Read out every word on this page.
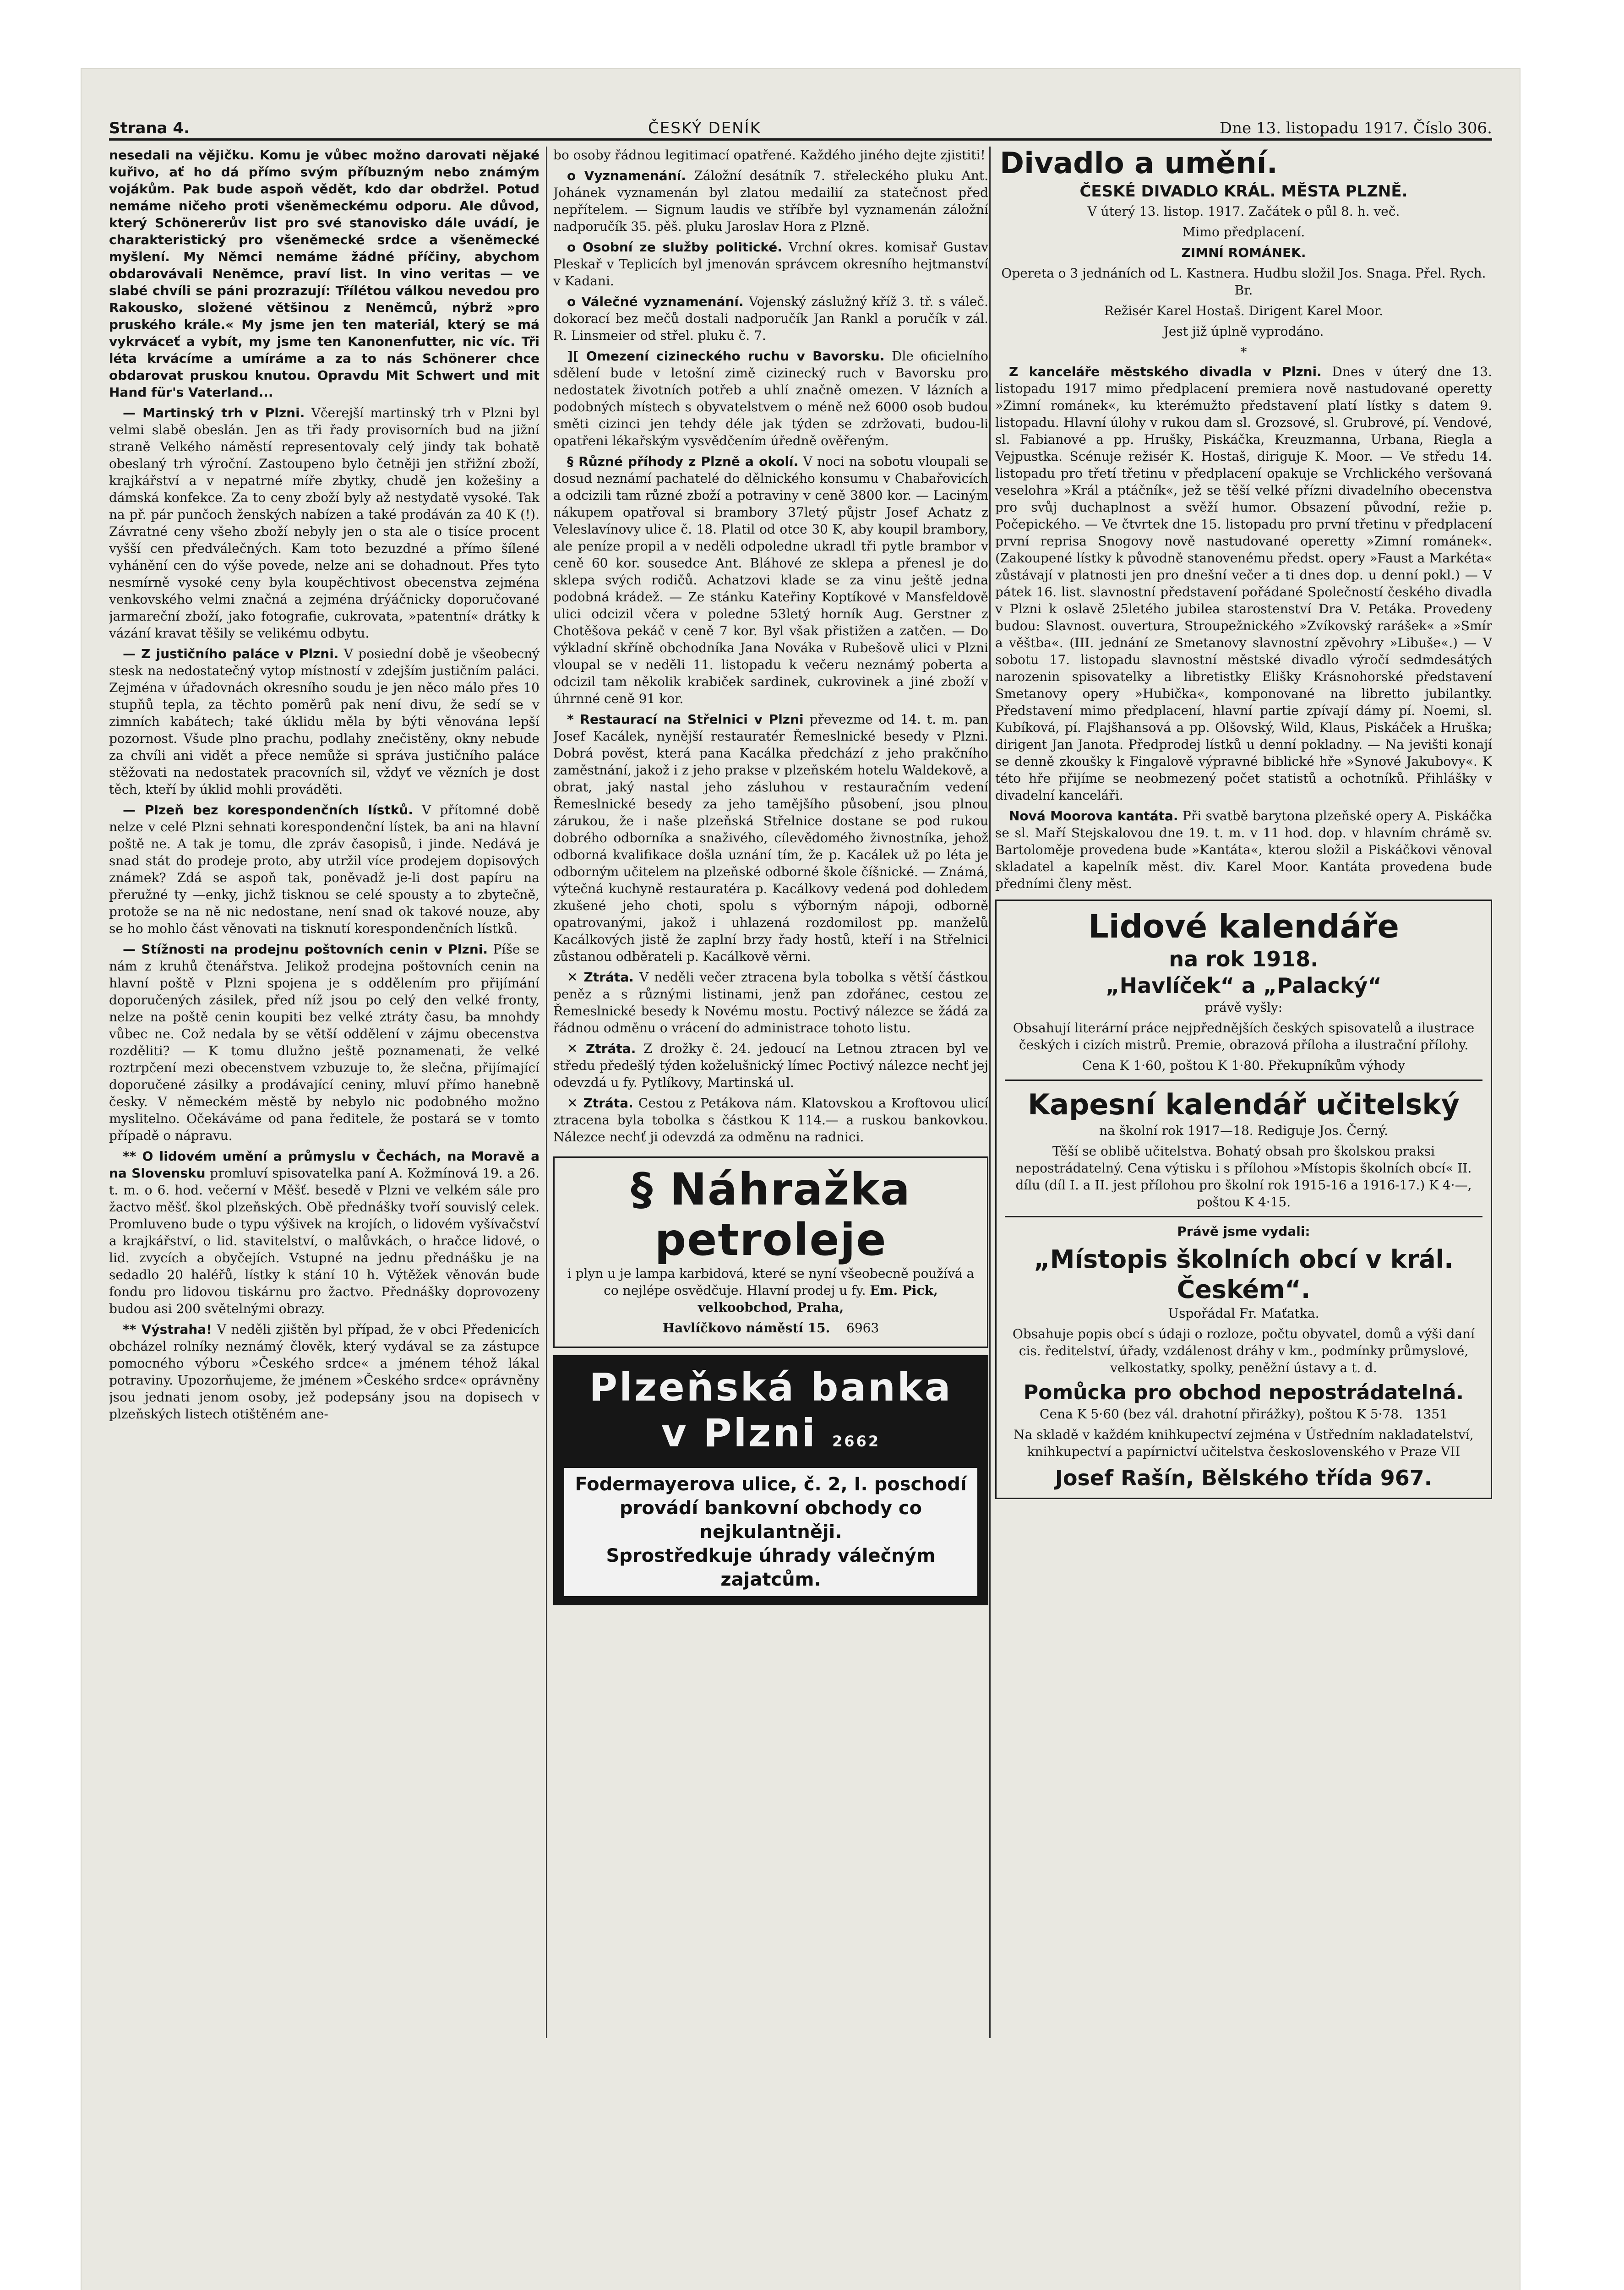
Strana 4.	ČESKÝ DENÍK	Dne 13. listopadu 1917. Číslo 306.

nesedali na vějičku. Komu je vůbec možno darovati nějaké kuřivo, ať ho dá přímo svým příbuzným nebo známým vojákům. Pak bude aspoň vědět, kdo dar obdržel. Potud nemáme ničeho proti všeněmeckému odporu. Ale důvod, který Schönererův list pro své stanovisko dále uvádí, je charakteristický pro všeněmecké srdce a všeněmecké myšlení. My Němci nemáme žádné příčiny, abychom obdarovávali Neněmce, praví list. In vino veritas — ve slabé chvíli se páni prozrazují: Třílétou válkou nevedou pro Rakousko, složené většinou z Neněmců, nýbrž »pro pruského krále.« My jsme jen ten materiál, který se má vykrváceť a vybít, my jsme ten Kanonenfutter, nic víc. Tři léta krvácíme a umíráme a za to nás Schönerer chce obdarovat pruskou knutou. Opravdu Mit Schwert und mit Hand für's Vaterland...

— Martinský trh v Plzni. Včerejší martinský trh v Plzni byl velmi slabě obeslán. Jen as tři řady provisorních bud na jižní straně Velkého náměstí representovaly celý jindy tak bohatě obeslaný trh výroční. Zastoupeno bylo četněji jen střižní zboží, krajkářství a v nepatrné míře zbytky, chudě jen kožešiny a dámská konfekce. Za to ceny zboží byly až nestydatě vysoké. Tak na př. pár punčoch ženských nabízen a také prodáván za 40 K (!). Závratné ceny všeho zboží nebyly jen o sta ale o tisíce procent vyšší cen předválečných. Kam toto bezuzdné a přímo šílené vyhánění cen do výše povede, nelze ani se dohadnout. Přes tyto nesmírně vysoké ceny byla koupěchtivost obecenstva zejména venkovského velmi značná a zejména drýáčnicky doporučované jarmareční zboží, jako fotografie, cukrovata, »patentní« drátky k vázání kravat těšily se velikému odbytu.

— Z justičního paláce v Plzni. V posiední době je všeobecný stesk na nedostatečný vytop místností v zdejším justičním paláci. Zejména v úřadovnách okresního soudu je jen něco málo přes 10 stupňů tepla, za těchto poměrů pak není divu, že sedí se v zimních kabátech; také úklidu měla by býti věnována lepší pozornost. Všude plno prachu, podlahy znečistěny, okny nebude za chvíli ani vidět a přece nemůže si správa justičního paláce stěžovati na nedostatek pracovních sil, vždyť ve vězních je dost těch, kteří by úklid mohli prováděti.

— Plzeň bez korespondenčních lístků. V přítomné době nelze v celé Plzni sehnati korespondenční lístek, ba ani na hlavní poště ne. A tak je tomu, dle zpráv časopisů, i jinde. Nedává je snad stát do prodeje proto, aby utržil více prodejem dopisových známek? Zdá se aspoň tak, poněvadž je-li dost papíru na přeružné ty —enky, jichž tisknou se celé spousty a to zbytečně, protože se na ně nic nedostane, není snad ok takové nouze, aby se ho mohlo část věnovati na tisknutí korespondenčních lístků.

— Stížnosti na prodejnu poštovních cenin v Plzni. Píše se nám z kruhů čtenářstva. Jelikož prodejna poštovních cenin na hlavní poště v Plzni spojena je s oddělením pro přijímání doporučených zásilek, před níž jsou po celý den velké fronty, nelze na poště cenin koupiti bez velké ztráty času, ba mnohdy vůbec ne. Což nedala by se větší oddělení v zájmu obecenstva rozděliti? — K tomu dlužno ještě poznamenati, že velké roztrpčení mezi obecenstvem vzbuzuje to, že slečna, přijímající doporučené zásilky a prodávající ceniny, mluví přímo hanebně česky. V německém městě by nebylo nic podobného možno myslitelno. Očekáváme od pana ředitele, že postará se v tomto případě o nápravu.

** O lidovém umění a průmyslu v Čechách, na Moravě a na Slovensku promluví spisovatelka paní A. Kožmínová 19. a 26. t. m. o 6. hod. večerní v Měšť. besedě v Plzni ve velkém sále pro žactvo měšť. škol plzeňských. Obě přednášky tvoří souvislý celek. Promluveno bude o typu výšivek na krojích, o lidovém vyšívačství a krajkářství, o lid. stavitelství, o malůvkách, o hračce lidové, o lid. zvycích a obyčejích. Vstupné na jednu přednášku je na sedadlo 20 haléřů, lístky k stání 10 h. Výtěžek věnován bude fondu pro lidovou tiskárnu pro žactvo. Přednášky doprovozeny budou asi 200 světelnými obrazy.

** Výstraha! V neděli zjištěn byl případ, že v obci Předenicích obcházel rolníky neznámý člověk, který vydával se za zástupce pomocného výboru »Českého srdce« a jménem téhož lákal potraviny. Upozorňujeme, že jménem »Českého srdce« oprávněny jsou jednati jenom osoby, jež podepsány jsou na dopisech v plzeňských listech otištěném ane-

bo osoby řádnou legitimací opatřené. Každého jiného dejte zjistiti!

o Vyznamenání. Záložní desátník 7. střeleckého pluku Ant. Johánek vyznamenán byl zlatou medailií za statečnost před nepřítelem. — Signum laudis ve stříbře byl vyznamenán záložní nadporučík 35. pěš. pluku Jaroslav Hora z Plzně.

o Osobní ze služby politické. Vrchní okres. komisař Gustav Pleskař v Teplicích byl jmenován správcem okresního hejtmanství v Kadani.

o Válečné vyznamenání. Vojenský záslužný kříž 3. tř. s váleč. dokorací bez mečů dostali nadporučík Jan Rankl a poručík v zál. R. Linsmeier od střel. pluku č. 7.

][ Omezení cizineckého ruchu v Bavorsku. Dle oficielního sdělení bude v letošní zimě cizinecký ruch v Bavorsku pro nedostatek životních potřeb a uhlí značně omezen. V lázních a podobných místech s obyvatelstvem o méně než 6000 osob budou směti cizinci jen tehdy déle jak týden se zdržovati, budou-li opatřeni lékařským vysvědčením úředně ověřeným.

§ Různé příhody z Plzně a okolí. V noci na sobotu vloupali se dosud neznámí pachatelé do dělnického konsumu v Chabařovicích a odcizili tam různé zboží a potraviny v ceně 3800 kor. — Laciným nákupem opatřoval si brambory 37letý půjstr Josef Achatz z Veleslavínovy ulice č. 18. Platil od otce 30 K, aby koupil brambory, ale peníze propil a v neděli odpoledne ukradl tři pytle brambor v ceně 60 kor. sousedce Ant. Bláhové ze sklepa a přenesl je do sklepa svých rodičů. Achatzovi klade se za vinu ještě jedna podobná krádež. — Ze stánku Kateřiny Koptíkové v Mansfeldově ulici odcizil včera v poledne 53letý horník Aug. Gerstner z Chotěšova pekáč v ceně 7 kor. Byl však přistižen a zatčen. — Do výkladní skříně obchodníka Jana Nováka v Rubešově ulici v Plzni vloupal se v neděli 11. listopadu k večeru neznámý poberta a odcizil tam několik krabiček sardinek, cukrovinek a jiné zboží v úhrnné ceně 91 kor.

* Restaurací na Střelnici v Plzni převezme od 14. t. m. pan Josef Kacálek, nynější restauratér Řemeslnické besedy v Plzni. Dobrá pověst, která pana Kacálka předchází z jeho prakčního zaměstnání, jakož i z jeho prakse v plzeňském hotelu Waldekově, a obrat, jaký nastal jeho zásluhou v restauračním vedení Řemeslnické besedy za jeho tamějšího působení, jsou plnou zárukou, že i naše plzeňská Střelnice dostane se pod rukou dobrého odborníka a snaživého, cílevědomého živnostníka, jehož odborná kvalifikace došla uznání tím, že p. Kacálek už po léta je odborným učitelem na plzeňské odborné škole číšnické. — Známá, výtečná kuchyně restauratéra p. Kacálkovy vedená pod dohledem zkušené jeho choti, spolu s výborným nápoji, odborně opatrovanými, jakož i uhlazená rozdomilost pp. manželů Kacálkových jistě že zaplní brzy řady hostů, kteří i na Střelnici zůstanou odběrateli p. Kacálkově věrni.

✕ Ztráta. V neděli večer ztracena byla tobolka s větší částkou peněz a s různými listinami, jenž pan zdořánec, cestou ze Řemeslnické besedy k Novému mostu. Poctivý nálezce se žádá za řádnou odměnu o vrácení do administrace tohoto listu.

✕ Ztráta. Z drožky č. 24. jedoucí na Letnou ztracen byl ve středu předešlý týden koželušnický límec Poctivý nálezce nechť jej odevzdá u fy. Pytlíkovy, Martinská ul.

✕ Ztráta. Cestou z Petákova nám. Klatovskou a Kroftovou ulicí ztracena byla tobolka s částkou K 114.— a ruskou bankovkou. Nálezce nechť ji odevzdá za odměnu na radnici.

§ Náhražka petroleje

i plyn u je lampa karbidová, které se nyní všeobecně používá a co nejlépe osvědčuje. Hlavní prodej u fy. Em. Pick, velkoobchod, Praha,

Havlíčkovo náměstí 15. 6963

Plzeňská banka
v Plzni 2662
Fodermayerova ulice, č. 2, I. poschodí
provádí bankovní obchody co nejkulantněji.
Sprostředkuje úhrady válečným zajatcům.
Divadlo a umění.
ČESKÉ DIVADLO KRÁL. MĚSTA PLZNĚ.

V úterý 13. listop. 1917. Začátek o půl 8. h. več.

Mimo předplacení.

ZIMNÍ ROMÁNEK.

Opereta o 3 jednáních od L. Kastnera. Hudbu složil Jos. Snaga. Přel. Rych. Br.

Režisér Karel Hostaš. Dirigent Karel Moor.

Jest již úplně vyprodáno.

*

Z kanceláře městského divadla v Plzni. Dnes v úterý dne 13. listopadu 1917 mimo předplacení premiera nově nastudované operetty »Zimní románek«, ku kterémužto představení platí lístky s datem 9. listopadu. Hlavní úlohy v rukou dam sl. Grozsové, sl. Grubrové, pí. Vendové, sl. Fabianové a pp. Hrušky, Piskáčka, Kreuzmanna, Urbana, Riegla a Vejpustka. Scénuje režisér K. Hostaš, diriguje K. Moor. — Ve středu 14. listopadu pro třetí třetinu v předplacení opakuje se Vrchlického veršovaná veselohra »Král a ptáčník«, jež se těší velké přízni divadelního obecenstva pro svůj duchaplnost a svěží humor. Obsazení původní, režie p. Počepického. — Ve čtvrtek dne 15. listopadu pro první třetinu v předplacení první reprisa Snogovy nově nastudované operetty »Zimní románek«. (Zakoupené lístky k původně stanovenému předst. opery »Faust a Markéta« zůstávají v platnosti jen pro dnešní večer a ti dnes dop. u denní pokl.) — V pátek 16. list. slavnostní představení pořádané Společností českého divadla v Plzni k oslavě 25letého jubilea starostenství Dra V. Petáka. Provedeny budou: Slavnost. ouvertura, Stroupežnického »Zvíkovský rarášek« a »Smír a věštba«. (III. jednání ze Smetanovy slavnostní zpěvohry »Libuše«.) — V sobotu 17. listopadu slavnostní městské divadlo výročí sedmdesátých narozenin spisovatelky a libretistky Elišky Krásnohorské představení Smetanovy opery »Hubička«, komponované na libretto jubilantky. Představení mimo předplacení, hlavní partie zpívají dámy pí. Noemi, sl. Kubíková, pí. Flajšhansová a pp. Olšovský, Wild, Klaus, Piskáček a Hruška; dirigent Jan Janota. Předprodej lístků u denní pokladny. — Na jevišti konají se denně zkoušky k Fingalově výpravné biblické hře »Synové Jakubovy«. K této hře přijíme se neobmezený počet statistů a ochotníků. Přihlášky v divadelní kanceláři.

Nová Moorova kantáta. Při svatbě barytona plzeňské opery A. Piskáčka se sl. Maří Stejskalovou dne 19. t. m. v 11 hod. dop. v hlavním chrámě sv. Bartoloměje provedena bude »Kantáta«, kterou složil a Piskáčkovi věnoval skladatel a kapelník měst. div. Karel Moor. Kantáta provedena bude předními členy měst.

Lidové kalendáře
na rok 1918.
„Havlíček“ a „Palacký“

právě vyšly:

Obsahují literární práce nejpřednějších českých spisovatelů a ilustrace českých i cizích mistrů. Premie, obrazová příloha a ilustrační přílohy.

Cena K 1·60, poštou K 1·80. Překupníkům výhody

Kapesní kalendář učitelský

na školní rok 1917—18. Rediguje Jos. Černý.

Těší se oblibě učitelstva. Bohatý obsah pro školskou praksi nepostrádatelný. Cena výtisku i s přílohou »Místopis školních obcí« II. dílu (díl I. a II. jest přílohou pro školní rok 1915-16 a 1916-17.) K 4·—, poštou K 4·15.

Právě jsme vydali:

„Místopis školních obcí v král. Českém“.

Uspořádal Fr. Maťatka.

Obsahuje popis obcí s údaji o rozloze, počtu obyvatel, domů a výši daní cis. ředitelství, úřady, vzdálenost dráhy v km., podmínky průmyslové, velkostatky, spolky, peněžní ústavy a t. d.

Pomůcka pro obchod nepostrádatelná.

Cena K 5·60 (bez vál. drahotní přirážky), poštou K 5·78. 1351

Na skladě v každém knihkupectví zejména v Ústředním nakladatelství, knihkupectví a papírnictví učitelstva československého v Praze VII

Josef Rašín, Bělského třída 967.
